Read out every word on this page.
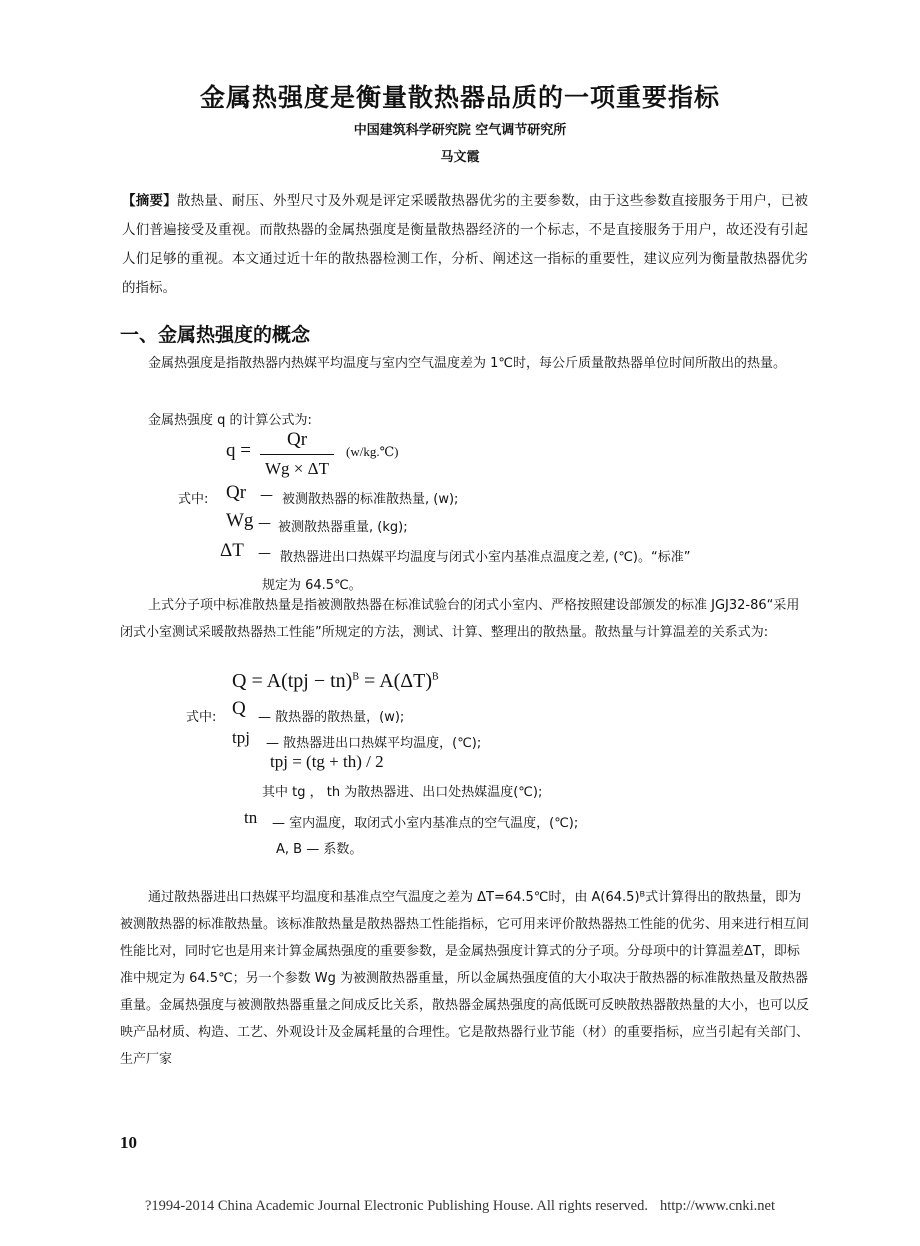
金属热强度是衡量散热器品质的一项重要指标
中国建筑科学研究院 空气调节研究所
马文霞
【摘要】散热量、耐压、外型尺寸及外观是评定采暖散热器优劣的主要参数，由于这些参数直接服务于用户，已被人们普遍接受及重视。而散热器的金属热强度是衡量散热器经济的一个标志，不是直接服务于用户，故还没有引起人们足够的重视。本文通过近十年的散热器检测工作，分析、阐述这一指标的重要性，建议应列为衡量散热器优劣的指标。
一、金属热强度的概念
金属热强度是指散热器内热媒平均温度与室内空气温度差为 1℃时，每公斤质量散热器单位时间所散出的热量。
金属热强度 q 的计算公式为:
q =
Qr
Wg × ΔT
(w/kg.℃)
式中: Qr — 被测散热器的标准散热量, (w);
Wg — 被测散热器重量, (kg);
ΔT — 散热器进出口热媒平均温度与闭式小室内基准点温度之差, (℃)。“标准”
规定为 64.5℃。
上式分子项中标准散热量是指被测散热器在标准试验台的闭式小室内、严格按照建设部颁发的标准 JGJ32-86“采用闭式小室测试采暖散热器热工性能”所规定的方法，测试、计算、整理出的散热量。散热量与计算温差的关系式为:
$Q = A(tpj - tn)^B = A(\Delta T)^B$
式中: Q — 散热器的散热量，(w);
tpj — 散热器进出口热媒平均温度，(℃);
tpj = (tg + th) / 2
其中 tg ， th 为散热器进、出口处热媒温度(℃);
tn — 室内温度，取闭式小室内基准点的空气温度，(℃);
A, B — 系数。
通过散热器进出口热媒平均温度和基准点空气温度之差为 ΔT=64.5℃时，由 A(64.5)ᴮ式计算得出的散热量，即为被测散热器的标准散热量。该标准散热量是散热器热工性能指标，它可用来评价散热器热工性能的优劣、用来进行相互间性能比对，同时它也是用来计算金属热强度的重要参数，是金属热强度计算式的分子项。分母项中的计算温差ΔT，即标准中规定为 64.5℃；另一个参数 Wg 为被测散热器重量，所以金属热强度值的大小取决于散热器的标准散热量及散热器重量。金属热强度与被测散热器重量之间成反比关系，散热器金属热强度的高低既可反映散热器散热量的大小，也可以反映产品材质、构造、工艺、外观设计及金属耗量的合理性。它是散热器行业节能（材）的重要指标，应当引起有关部门、生产厂家
10
?1994-2014 China Academic Journal Electronic Publishing House. All rights reserved. http://www.cnki.net
